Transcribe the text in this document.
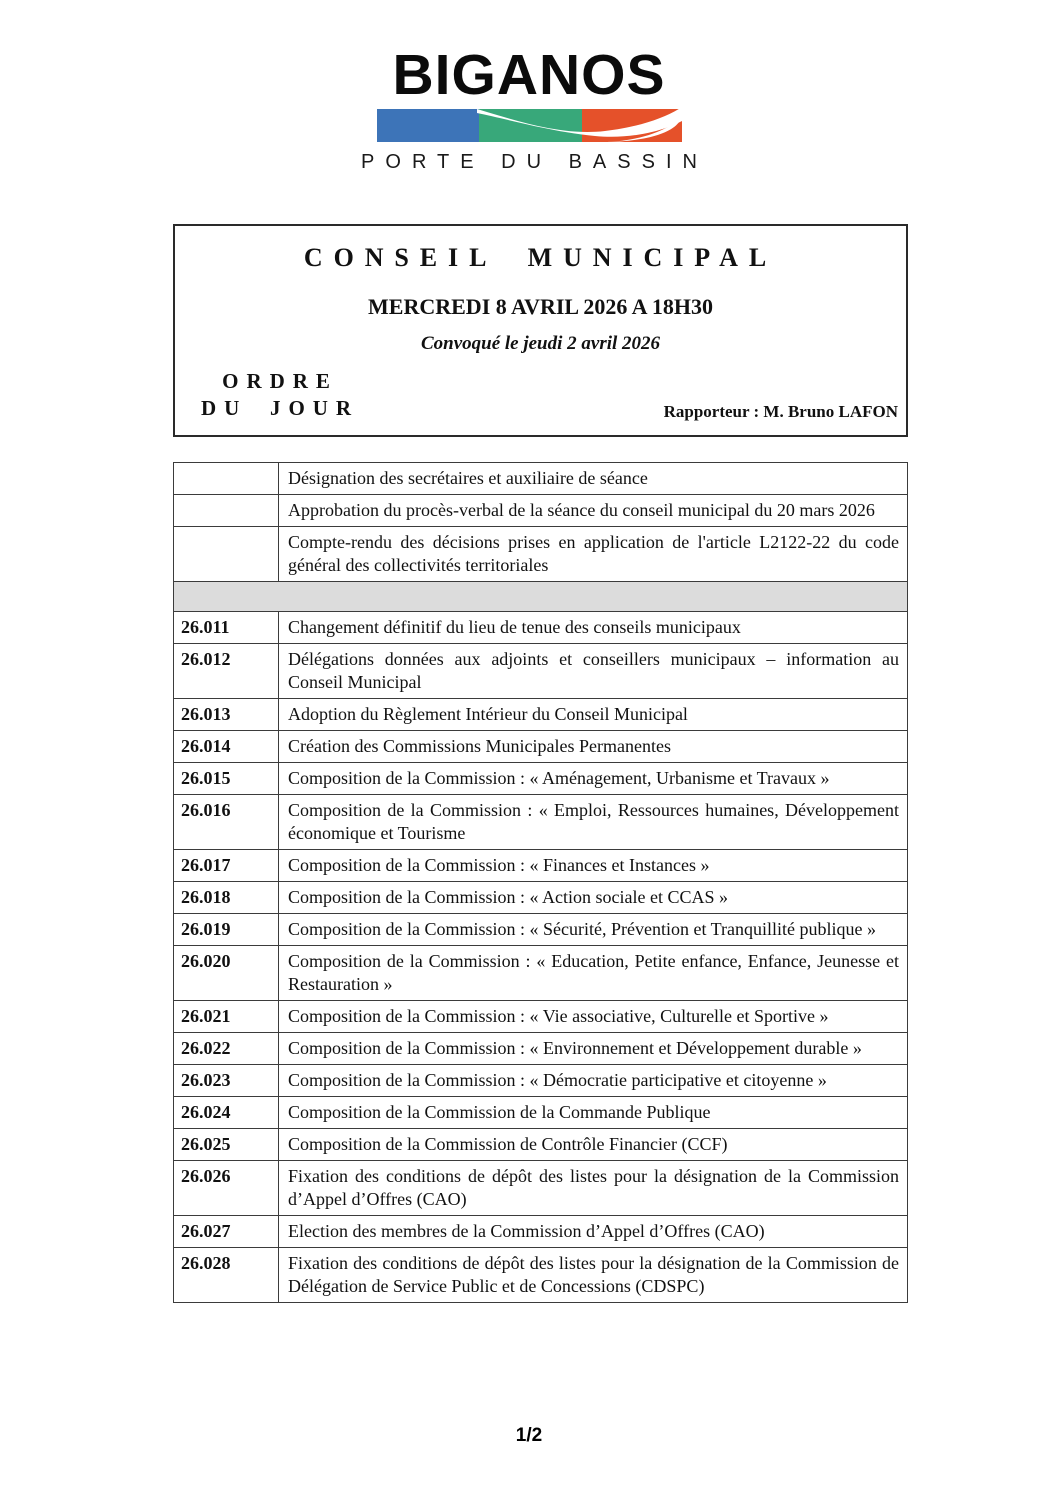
BIGANOS
PORTE DU BASSIN
CONSEIL MUNICIPAL
MERCREDI 8 AVRIL 2026 A 18H30
Convoqué le jeudi 2 avril 2026
ORDRE
DU JOUR	Rapporteur : M. Bruno LAFON
	Désignation des secrétaires et auxiliaire de séance
	Approbation du procès-verbal de la séance du conseil municipal du 20 mars 2026
	Compte-rendu des décisions prises en application de l'article L2122-22 du code général des collectivités territoriales

26.011	Changement définitif du lieu de tenue des conseils municipaux
26.012	Délégations données aux adjoints et conseillers municipaux – information au Conseil Municipal
26.013	Adoption du Règlement Intérieur du Conseil Municipal
26.014	Création des Commissions Municipales Permanentes
26.015	Composition de la Commission : « Aménagement, Urbanisme et Travaux »
26.016	Composition de la Commission : « Emploi, Ressources humaines, Développement économique et Tourisme
26.017	Composition de la Commission : « Finances et Instances »
26.018	Composition de la Commission : « Action sociale et CCAS »
26.019	Composition de la Commission : « Sécurité, Prévention et Tranquillité publique »
26.020	Composition de la Commission : « Education, Petite enfance, Enfance, Jeunesse et Restauration »
26.021	Composition de la Commission : « Vie associative, Culturelle et Sportive »
26.022	Composition de la Commission : « Environnement et Développement durable »
26.023	Composition de la Commission : « Démocratie participative et citoyenne »
26.024	Composition de la Commission de la Commande Publique
26.025	Composition de la Commission de Contrôle Financier (CCF)
26.026	Fixation des conditions de dépôt des listes pour la désignation de la Commission d’Appel d’Offres (CAO)
26.027	Election des membres de la Commission d’Appel d’Offres (CAO)
26.028	Fixation des conditions de dépôt des listes pour la désignation de la Commission de Délégation de Service Public et de Concessions (CDSPC)
1/2
